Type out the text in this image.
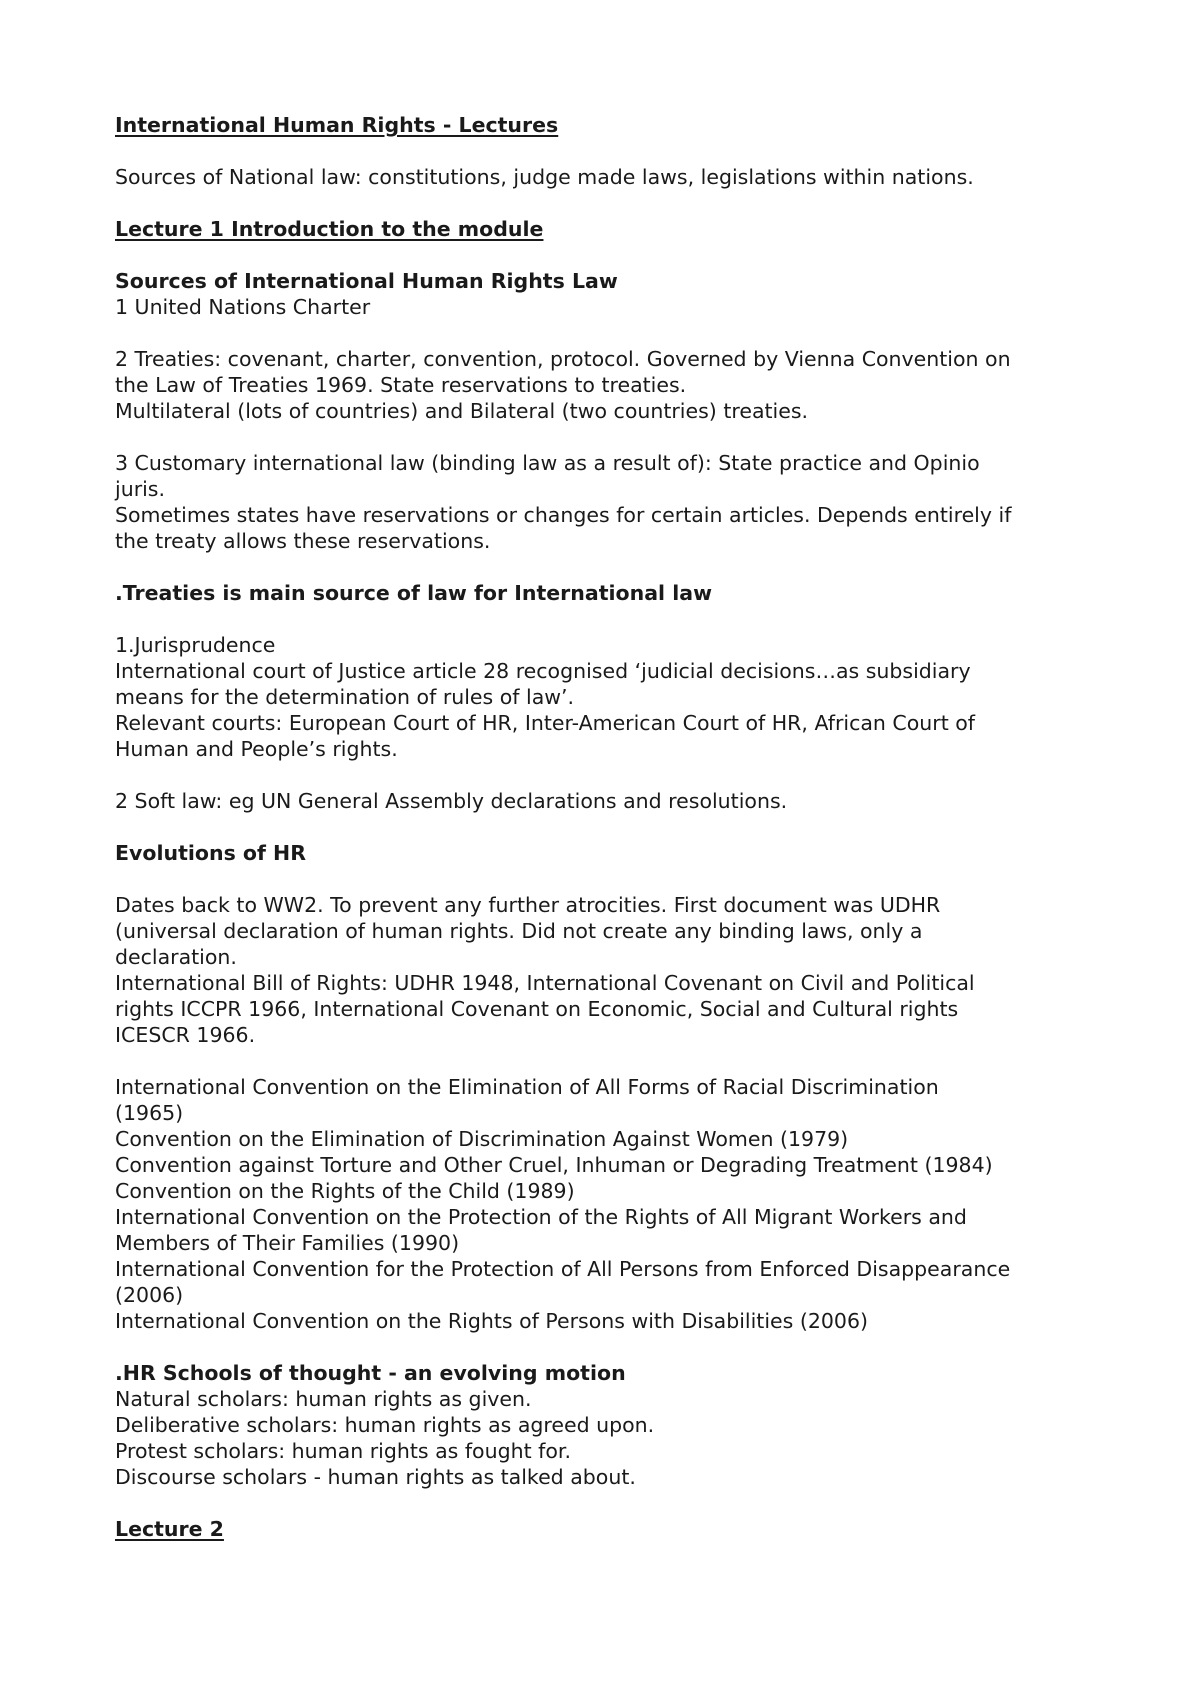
International Human Rights - Lectures

Sources of National law: constitutions, judge made laws, legislations within nations.

Lecture 1 Introduction to the module

Sources of International Human Rights Law

1 United Nations Charter

2 Treaties: covenant, charter, convention, protocol. Governed by Vienna Convention on

the Law of Treaties 1969. State reservations to treaties.

Multilateral (lots of countries) and Bilateral (two countries) treaties.

3 Customary international law (binding law as a result of): State practice and Opinio

juris.

Sometimes states have reservations or changes for certain articles. Depends entirely if

the treaty allows these reservations.

.Treaties is main source of law for International law

1.Jurisprudence

International court of Justice article 28 recognised ‘judicial decisions…as subsidiary

means for the determination of rules of law’.

Relevant courts: European Court of HR, Inter-American Court of HR, African Court of

Human and People’s rights.

2 Soft law: eg UN General Assembly declarations and resolutions.

Evolutions of HR

Dates back to WW2. To prevent any further atrocities. First document was UDHR

(universal declaration of human rights. Did not create any binding laws, only a

declaration.

International Bill of Rights: UDHR 1948, International Covenant on Civil and Political

rights ICCPR 1966, International Covenant on Economic, Social and Cultural rights

ICESCR 1966.

International Convention on the Elimination of All Forms of Racial Discrimination

(1965)

Convention on the Elimination of Discrimination Against Women (1979)

Convention against Torture and Other Cruel, Inhuman or Degrading Treatment (1984)

Convention on the Rights of the Child (1989)

International Convention on the Protection of the Rights of All Migrant Workers and

Members of Their Families (1990)

International Convention for the Protection of All Persons from Enforced Disappearance

(2006)

International Convention on the Rights of Persons with Disabilities (2006)

.HR Schools of thought - an evolving motion

Natural scholars: human rights as given.

Deliberative scholars: human rights as agreed upon.

Protest scholars: human rights as fought for.

Discourse scholars - human rights as talked about.

Lecture 2
